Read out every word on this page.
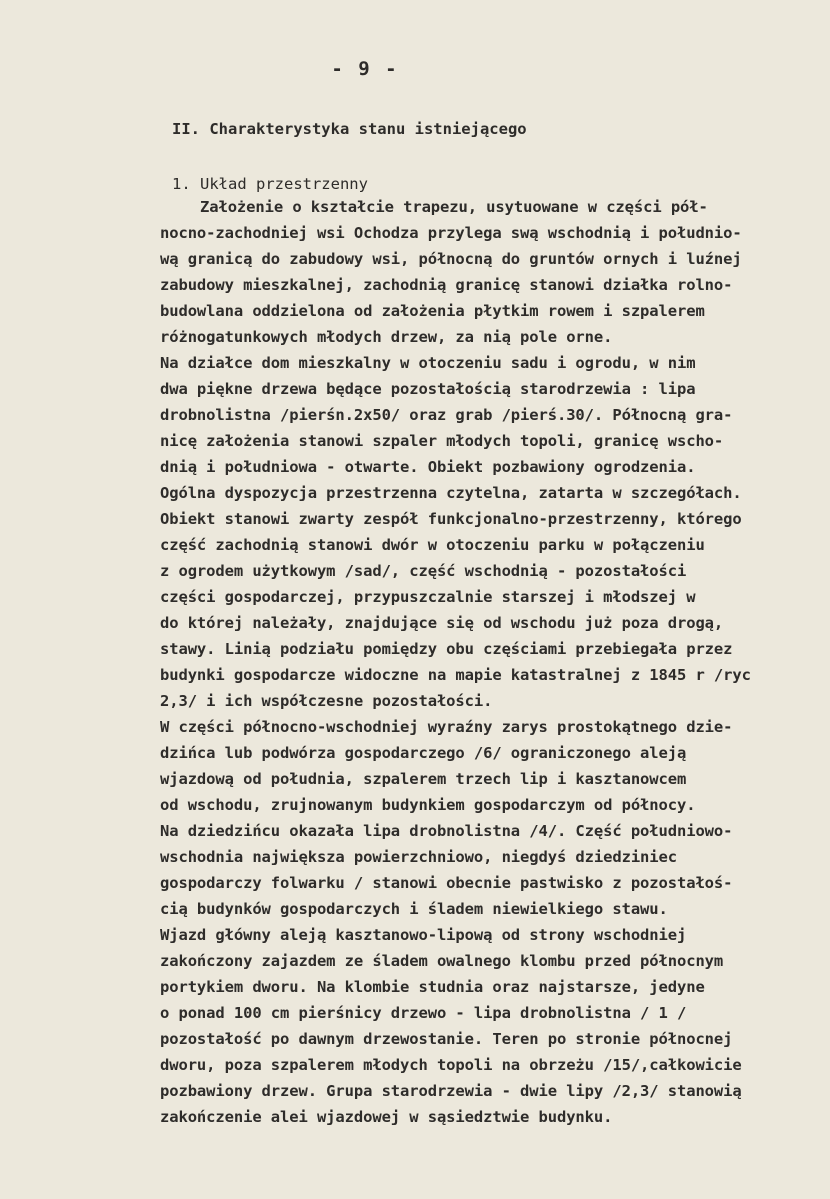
- 9 -
II. Charakterystyka stanu istniejącego
1. Układ przestrzenny
Założenie o kształcie trapezu, usytuowane w części pół-
nocno-zachodniej wsi Ochodza przylega swą wschodnią i południo-
wą granicą do zabudowy wsi, północną do gruntów ornych i luźnej
zabudowy mieszkalnej, zachodnią granicę stanowi działka rolno-
budowlana oddzielona od założenia płytkim rowem i szpalerem
różnogatunkowych młodych drzew, za nią pole orne.
Na działce dom mieszkalny w otoczeniu sadu i ogrodu, w nim
dwa piękne drzewa będące pozostałością starodrzewia : lipa
drobnolistna /pierśn.2x50/ oraz grab /pierś.30/. Północną gra-
nicę założenia stanowi szpaler młodych topoli, granicę wscho-
dnią i południowa - otwarte. Obiekt pozbawiony ogrodzenia.
Ogólna dyspozycja przestrzenna czytelna, zatarta w szczegółach.
Obiekt stanowi zwarty zespół funkcjonalno-przestrzenny, którego
część zachodnią stanowi dwór w otoczeniu parku w połączeniu
z ogrodem użytkowym /sad/, część wschodnią - pozostałości
części gospodarczej, przypuszczalnie starszej i młodszej w
do której należały, znajdujące się od wschodu już poza drogą,
stawy. Linią podziału pomiędzy obu częściami przebiegała przez
budynki gospodarcze widoczne na mapie katastralnej z 1845 r /ryc
2,3/ i ich współczesne pozostałości.
W części północno-wschodniej wyraźny zarys prostokątnego dzie-
dzińca lub podwórza gospodarczego /6/ ograniczonego aleją
wjazdową od południa, szpalerem trzech lip i kasztanowcem
od wschodu, zrujnowanym budynkiem gospodarczym od północy.
Na dziedzińcu okazała lipa drobnolistna /4/. Część południowo-
wschodnia największa powierzchniowo, niegdyś dziedziniec
gospodarczy folwarku / stanowi obecnie pastwisko z pozostałoś-
cią budynków gospodarczych i śladem niewielkiego stawu.
Wjazd główny aleją kasztanowo-lipową od strony wschodniej
zakończony zajazdem ze śladem owalnego klombu przed północnym
portykiem dworu. Na klombie studnia oraz najstarsze, jedyne
o ponad 100 cm pierśnicy drzewo - lipa drobnolistna / 1 /
pozostałość po dawnym drzewostanie. Teren po stronie północnej
dworu, poza szpalerem młodych topoli na obrzeżu /15/,całkowicie
pozbawiony drzew. Grupa starodrzewia - dwie lipy /2,3/ stanowią
zakończenie alei wjazdowej w sąsiedztwie budynku.
